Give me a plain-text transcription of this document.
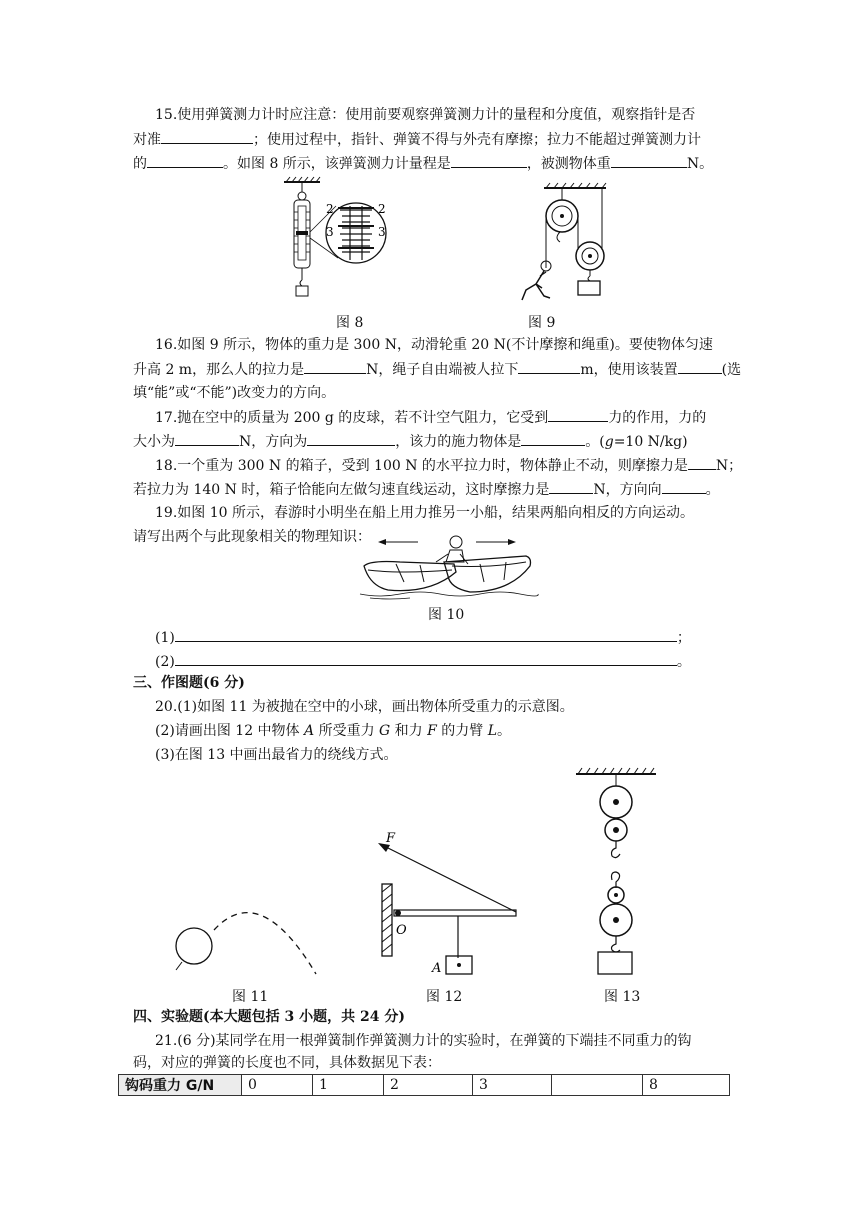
15.使用弹簧测力计时应注意：使用前要观察弹簧测力计的量程和分度值，观察指针是否
对准	；使用过程中，指针、弹簧不得与外壳有摩擦；拉力不能超过弹簧测力计
的	。如图 8 所示，该弹簧测力计量程是	，被测物体重	N。
2	2
3	3
图 8	图 9
16.如图 9 所示，物体的重力是 300 N，动滑轮重 20 N(不计摩擦和绳重)。要使物体匀速
升高 2 m，那么人的拉力是	N，绳子自由端被人拉下	m，使用该装置	(选
填“能”或“不能”)改变力的方向。
17.抛在空中的质量为 200 g 的皮球，若不计空气阻力，它受到	力的作用，力的
大小为	N，方向为	，该力的施力物体是	。(g=10 N/kg)
18.一个重为 300 N 的箱子，受到 100 N 的水平拉力时，物体静止不动，则摩擦力是 N；
若拉力为 140 N 时，箱子恰能向左做匀速直线运动，这时摩擦力是	N，方向向	。
19.如图 10 所示，春游时小明坐在船上用力推另一小船，结果两船向相反的方向运动。
请写出两个与此现象相关的物理知识：
图 10
(1)	；
(2)	。
三、作图题(6 分)
20.(1)如图 11 为被抛在空中的小球，画出物体所受重力的示意图。
(2)请画出图 12 中物体 A 所受重力 G 和力 F 的力臂 L。
(3)在图 13 中画出最省力的绕线方式。
F
O
A
图 11	图 12	图 13
四、实验题(本大题包括 3 小题，共 24 分)
21.(6 分)某同学在用一根弹簧制作弹簧测力计的实验时，在弹簧的下端挂不同重力的钩
码，对应的弹簧的长度也不同，具体数据见下表：
钩码重力 G/N	0	1	2	3		8
